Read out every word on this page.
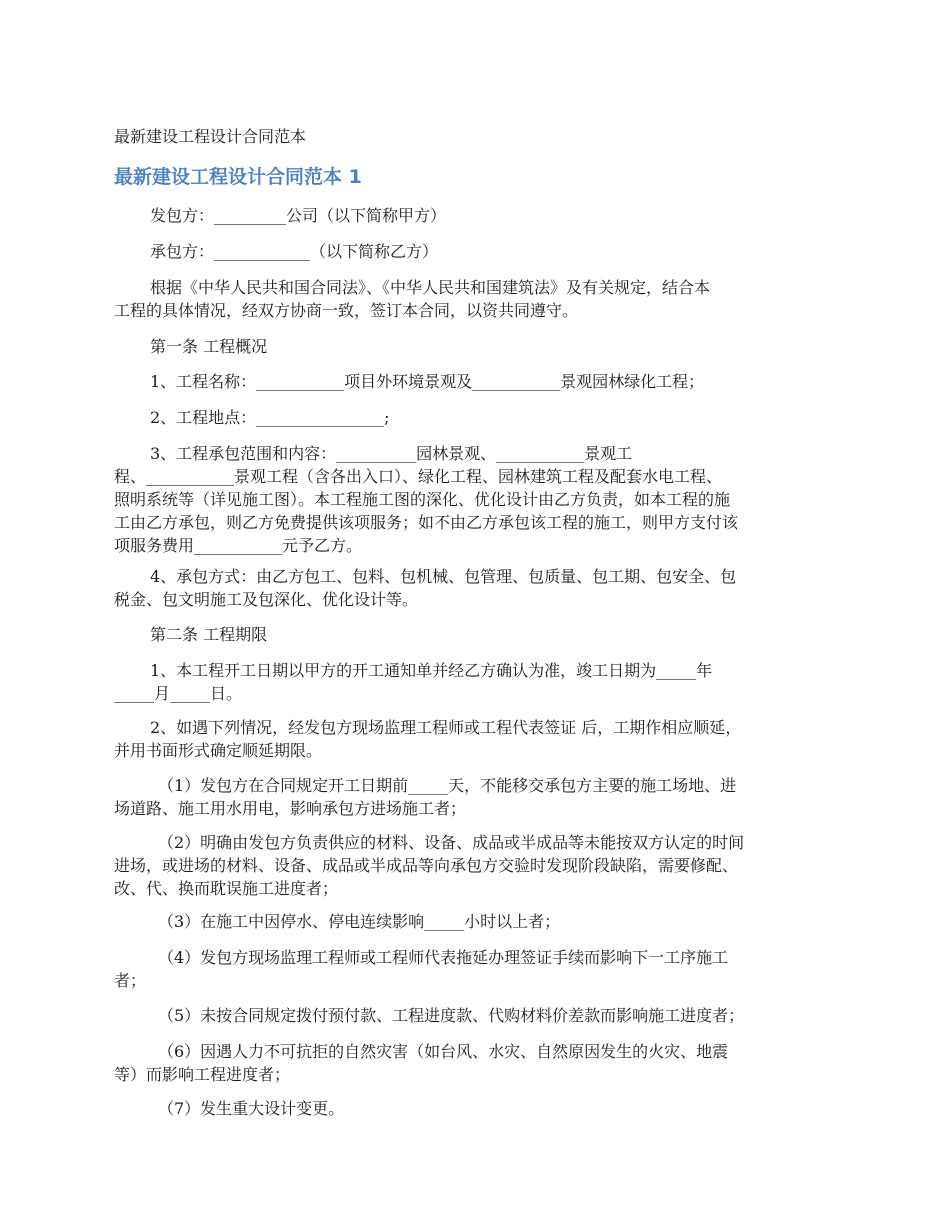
最新建设工程设计合同范本
最新建设工程设计合同范本 1
发包方：_________公司（以下简称甲方）
承包方：____________（以下简称乙方）
根据《中华人民共和国合同法》、《中华人民共和国建筑法》及有关规定，结合本
工程的具体情况，经双方协商一致，签订本合同，以资共同遵守。
第一条 工程概况
1、工程名称：___________项目外环境景观及___________景观园林绿化工程；
2、工程地点：________________;
3、工程承包范围和内容：__________园林景观、___________景观工
程、___________景观工程（含各出入口）、绿化工程、园林建筑工程及配套水电工程、
照明系统等（详见施工图）。本工程施工图的深化、优化设计由乙方负责，如本工程的施
工由乙方承包，则乙方免费提供该项服务；如不由乙方承包该工程的施工，则甲方支付该
项服务费用___________元予乙方。
4、承包方式：由乙方包工、包料、包机械、包管理、包质量、包工期、包安全、包
税金、包文明施工及包深化、优化设计等。
第二条 工程期限
1、本工程开工日期以甲方的开工通知单并经乙方确认为准，竣工日期为_____年
_____月_____日。
2、如遇下列情况，经发包方现场监理工程师或工程代表签证 后，工期作相应顺延，
并用书面形式确定顺延期限。
（1）发包方在合同规定开工日期前_____天，不能移交承包方主要的施工场地、进
场道路、施工用水用电，影响承包方进场施工者；
（2）明确由发包方负责供应的材料、设备、成品或半成品等未能按双方认定的时间
进场，或进场的材料、设备、成品或半成品等向承包方交验时发现阶段缺陷，需要修配、
改、代、换而耽误施工进度者；
（3）在施工中因停水、停电连续影响_____小时以上者；
（4）发包方现场监理工程师或工程师代表拖延办理签证手续而影响下一工序施工
者；
（5）未按合同规定拨付预付款、工程进度款、代购材料价差款而影响施工进度者；
（6）因遇人力不可抗拒的自然灾害（如台风、水灾、自然原因发生的火灾、地震
等）而影响工程进度者；
（7）发生重大设计变更。
